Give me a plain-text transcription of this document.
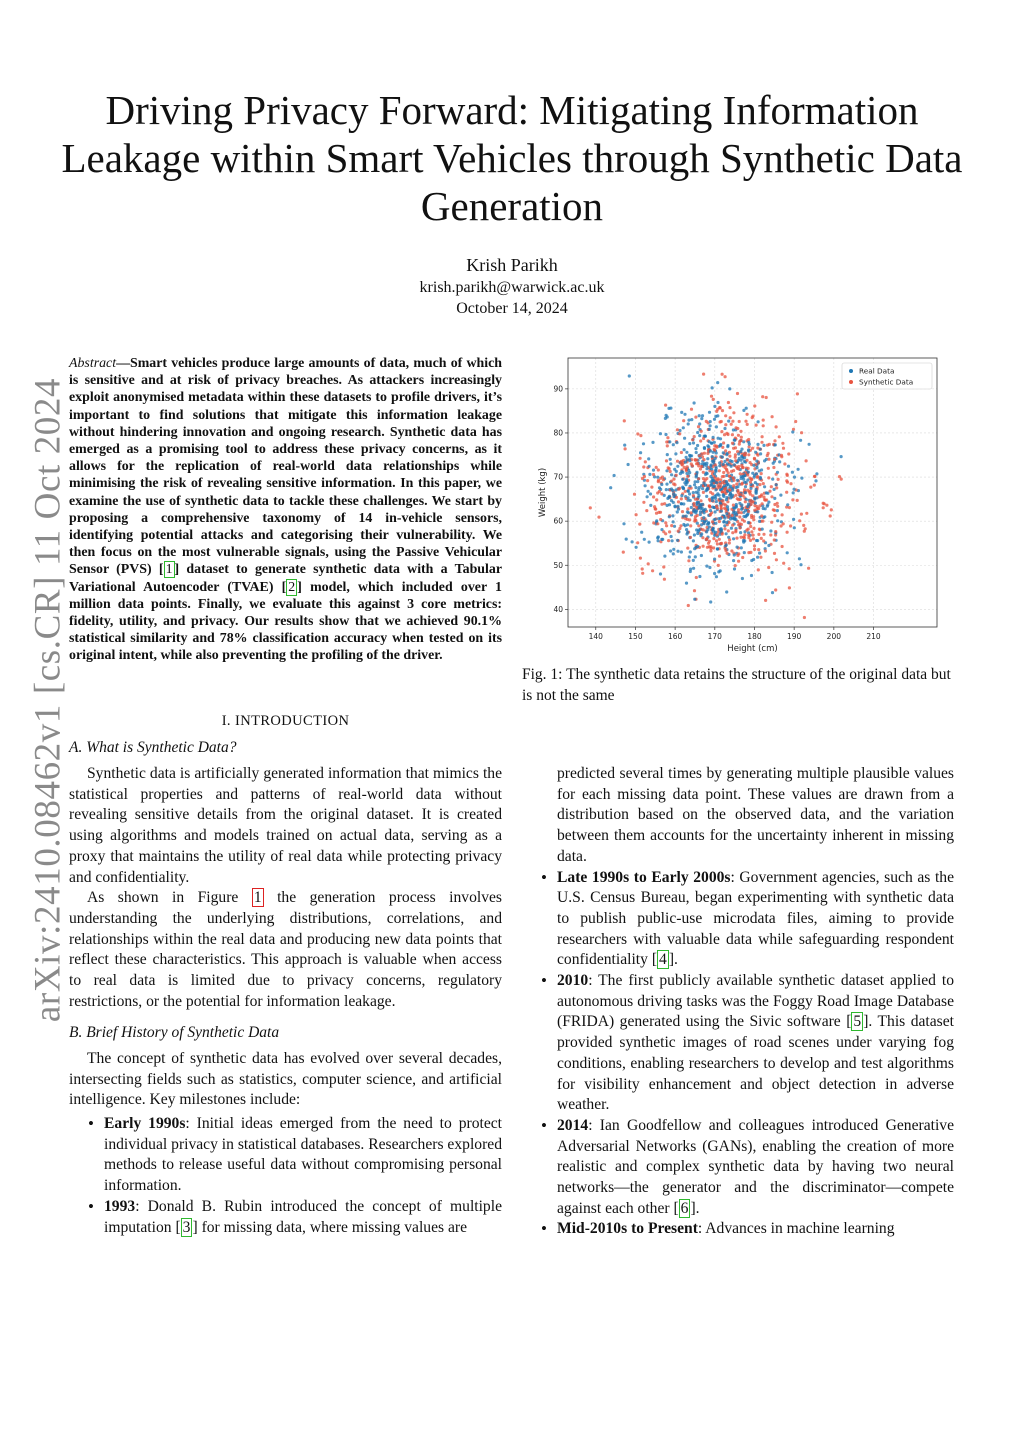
arXiv:2410.08462v1 [cs.CR] 11 Oct 2024
Driving Privacy Forward: Mitigating Information Leakage within Smart Vehicles through Synthetic Data Generation
Krish Parikh
krish.parikh@warwick.ac.uk
October 14, 2024
Abstract—Smart vehicles produce large amounts of data, much of which is sensitive and at risk of privacy breaches. As attackers increasingly exploit anonymised metadata within these datasets to profile drivers, it’s important to find solutions that mitigate this information leakage without hindering innovation and ongoing research. Synthetic data has emerged as a promising tool to address these privacy concerns, as it allows for the replication of real-world data relationships while minimising the risk of revealing sensitive information. In this paper, we examine the use of synthetic data to tackle these challenges. We start by proposing a comprehensive taxonomy of 14 in-vehicle sensors, identifying potential attacks and categorising their vulnerability. We then focus on the most vulnerable signals, using the Passive Vehicular Sensor (PVS) [ 1 ] dataset to generate synthetic data with a Tabular Variational Autoencoder (TVAE) [ 2 ] model, which included over 1 million data points. Finally, we evaluate this against 3 core metrics: fidelity, utility, and privacy. Our results show that we achieved 90.1% statistical similarity and 78% classification accuracy when tested on its original intent, while also preventing the profiling of the driver.
I. INTRODUCTION
A. What is Synthetic Data?

Synthetic data is artificially generated information that mimics the statistical properties and patterns of real-world data without revealing sensitive details from the original dataset. It is created using algorithms and models trained on actual data, serving as a proxy that maintains the utility of real data while protecting privacy and confidentiality.

As shown in Figure 1 the generation process involves understanding the underlying distributions, correlations, and relationships within the real data and producing new data points that reflect these characteristics. This approach is valuable when access to real data is limited due to privacy concerns, regulatory restrictions, or the potential for information leakage.

B. Brief History of Synthetic Data

The concept of synthetic data has evolved over several decades, intersecting fields such as statistics, computer science, and artificial intelligence. Key milestones include:

• Early 1990s: Initial ideas emerged from the need to protect individual privacy in statistical databases. Researchers explored methods to release useful data without compromising personal information.
• 1993: Donald B. Rubin introduced the concept of multiple imputation [ 3 ] for missing data, where missing values are
predicted several times by generating multiple plausible values for each missing data point. These values are drawn from a distribution based on the observed data, and the variation between them accounts for the uncertainty inherent in missing data.
• Late 1990s to Early 2000s: Government agencies, such as the U.S. Census Bureau, began experimenting with synthetic data to publish public-use microdata files, aiming to provide researchers with valuable data while safeguarding respondent confidentiality [ 4 ].
• 2010: The first publicly available synthetic dataset applied to autonomous driving tasks was the Foggy Road Image Database (FRIDA) generated using the Sivic software [ 5 ]. This dataset provided synthetic images of road scenes under varying fog conditions, enabling researchers to develop and test algorithms for visibility enhancement and object detection in adverse weather.
• 2014: Ian Goodfellow and colleagues introduced Generative Adversarial Networks (GANs), enabling the creation of more realistic and complex synthetic data by having two neural networks—the generator and the discriminator—compete against each other [ 6 ].
• Mid-2010s to Present: Advances in machine learning
140	150	160	170	180	190	200	210
40
50
60
70
80
90
Height (cm)
Weight (kg)
Real Data
Synthetic Data
Fig. 1: The synthetic data retains the structure of the original data but is not the same
